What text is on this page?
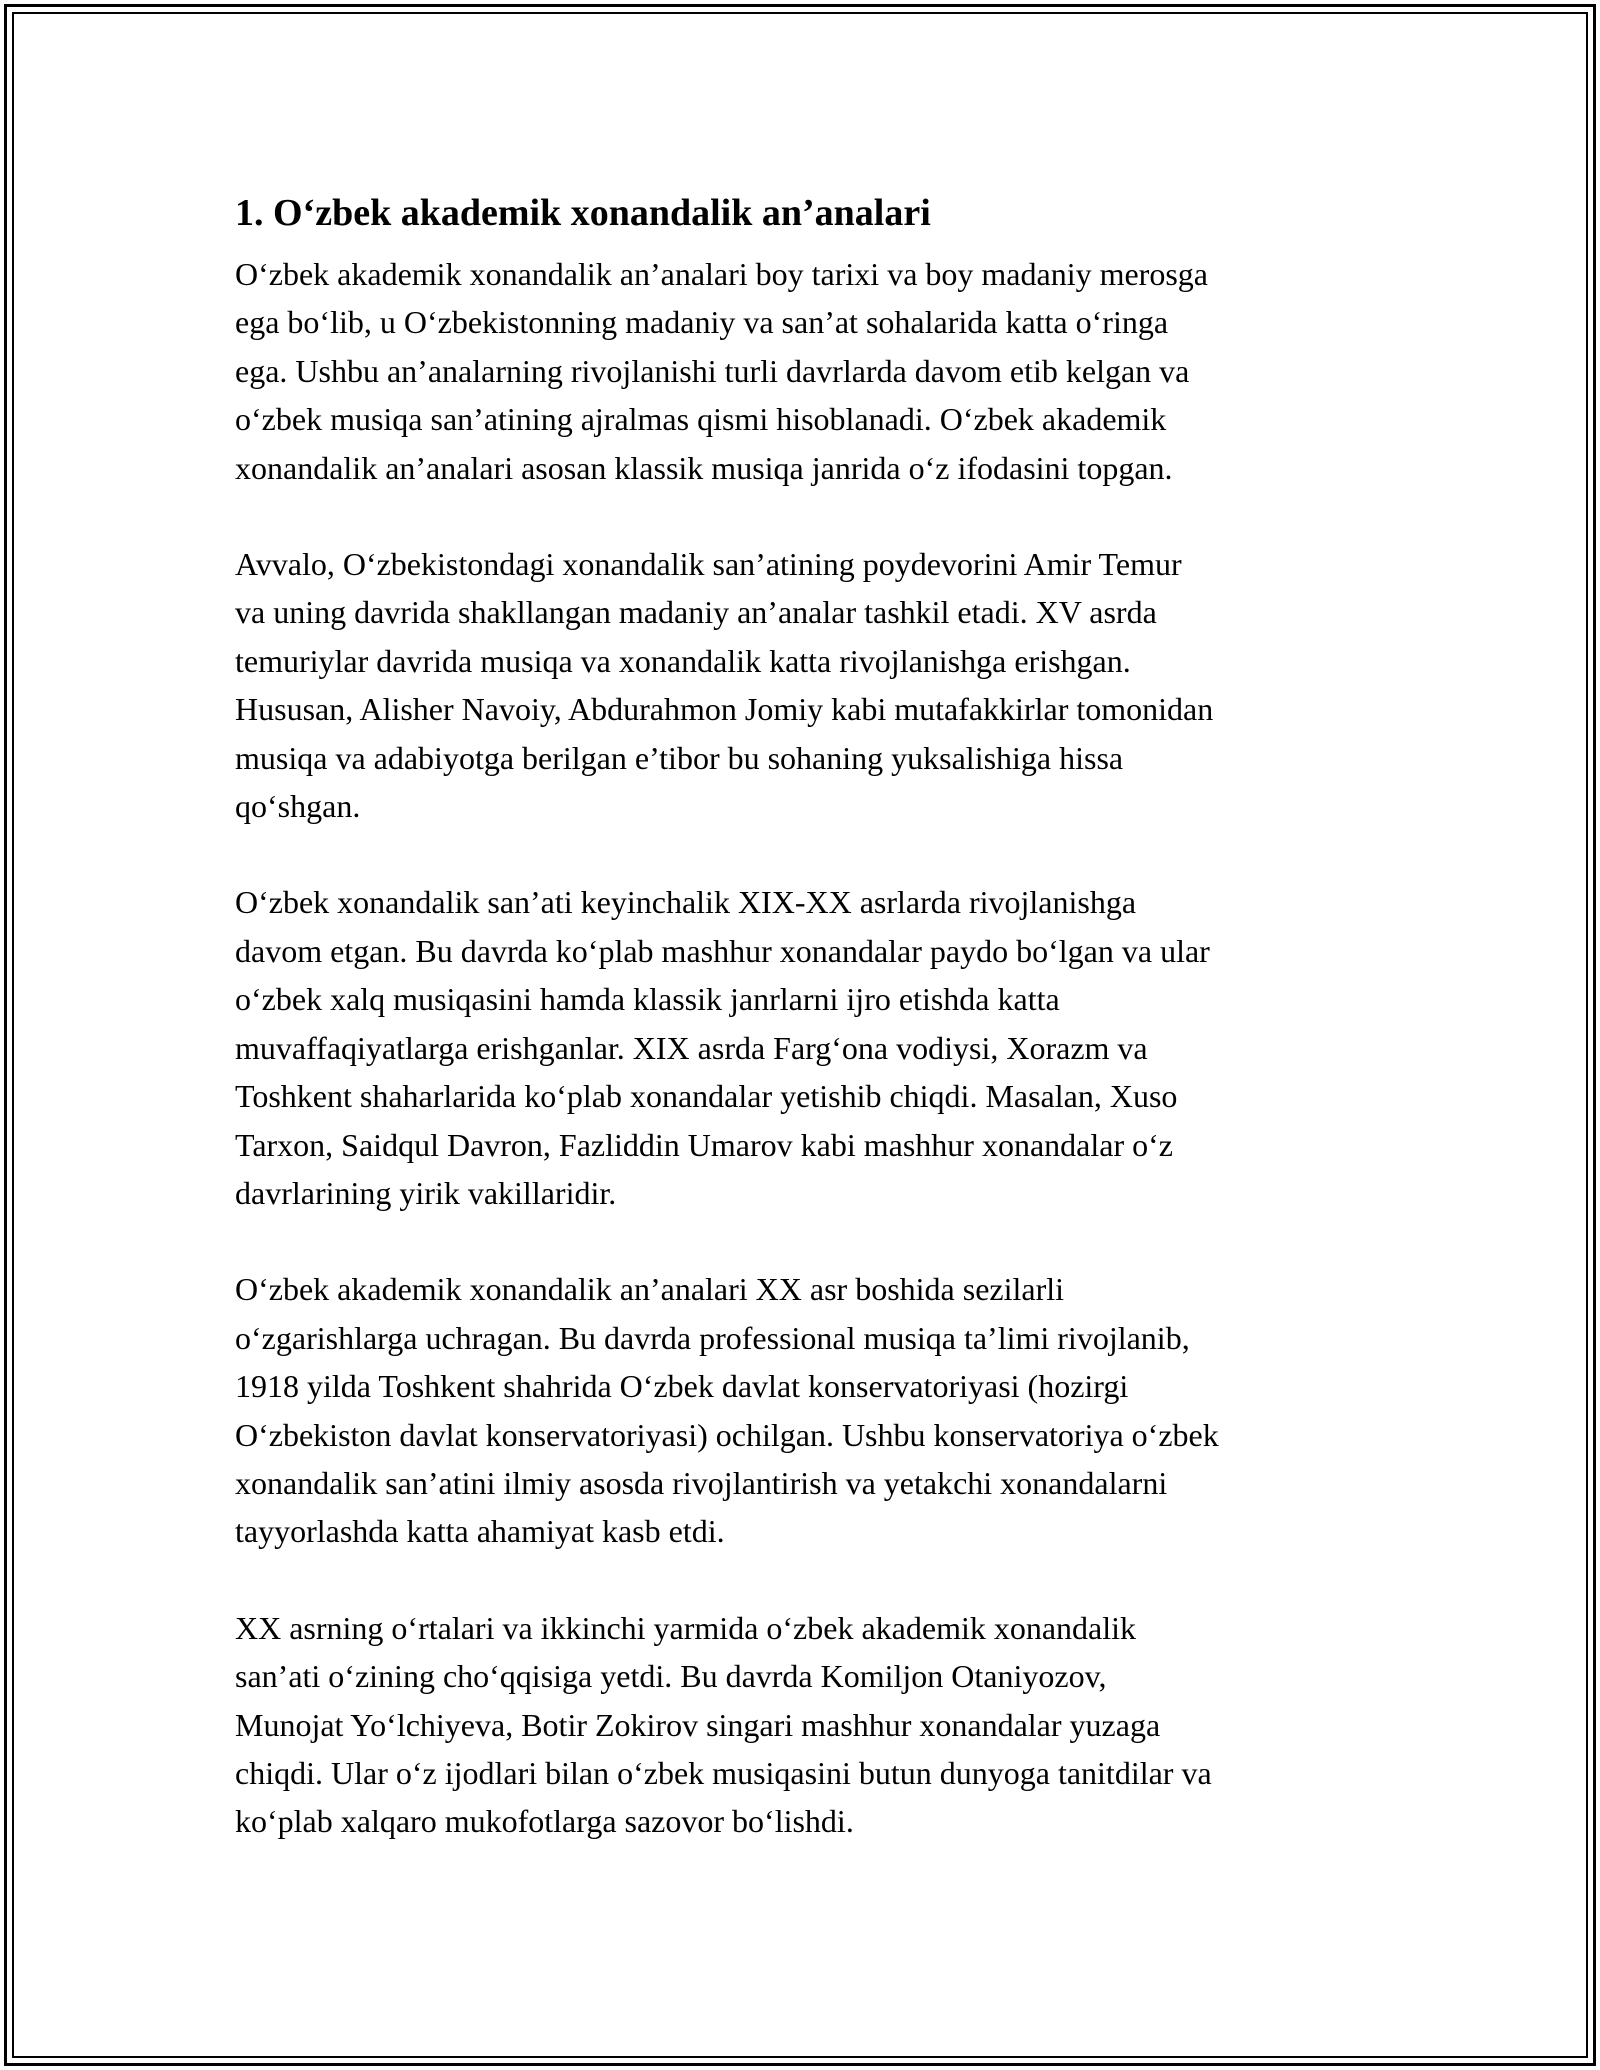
1. O‘zbek akademik xonandalik an’analari

O‘zbek akademik xonandalik an’analari boy tarixi va boy madaniy merosga
ega bo‘lib, u O‘zbekistonning madaniy va san’at sohalarida katta o‘ringa
ega. Ushbu an’analarning rivojlanishi turli davrlarda davom etib kelgan va
o‘zbek musiqa san’atining ajralmas qismi hisoblanadi. O‘zbek akademik
xonandalik an’analari asosan klassik musiqa janrida o‘z ifodasini topgan.

Avvalo, O‘zbekistondagi xonandalik san’atining poydevorini Amir Temur
va uning davrida shakllangan madaniy an’analar tashkil etadi. XV asrda
temuriylar davrida musiqa va xonandalik katta rivojlanishga erishgan.
Hususan, Alisher Navoiy, Abdurahmon Jomiy kabi mutafakkirlar tomonidan
musiqa va adabiyotga berilgan e’tibor bu sohaning yuksalishiga hissa
qo‘shgan.

O‘zbek xonandalik san’ati keyinchalik XIX-XX asrlarda rivojlanishga
davom etgan. Bu davrda ko‘plab mashhur xonandalar paydo bo‘lgan va ular
o‘zbek xalq musiqasini hamda klassik janrlarni ijro etishda katta
muvaffaqiyatlarga erishganlar. XIX asrda Farg‘ona vodiysi, Xorazm va
Toshkent shaharlarida ko‘plab xonandalar yetishib chiqdi. Masalan, Xuso
Tarxon, Saidqul Davron, Fazliddin Umarov kabi mashhur xonandalar o‘z
davrlarining yirik vakillaridir.

O‘zbek akademik xonandalik an’analari XX asr boshida sezilarli
o‘zgarishlarga uchragan. Bu davrda professional musiqa ta’limi rivojlanib,
1918 yilda Toshkent shahrida O‘zbek davlat konservatoriyasi (hozirgi
O‘zbekiston davlat konservatoriyasi) ochilgan. Ushbu konservatoriya o‘zbek
xonandalik san’atini ilmiy asosda rivojlantirish va yetakchi xonandalarni
tayyorlashda katta ahamiyat kasb etdi.

XX asrning o‘rtalari va ikkinchi yarmida o‘zbek akademik xonandalik
san’ati o‘zining cho‘qqisiga yetdi. Bu davrda Komiljon Otaniyozov,
Munojat Yo‘lchiyeva, Botir Zokirov singari mashhur xonandalar yuzaga
chiqdi. Ular o‘z ijodlari bilan o‘zbek musiqasini butun dunyoga tanitdilar va
ko‘plab xalqaro mukofotlarga sazovor bo‘lishdi.
